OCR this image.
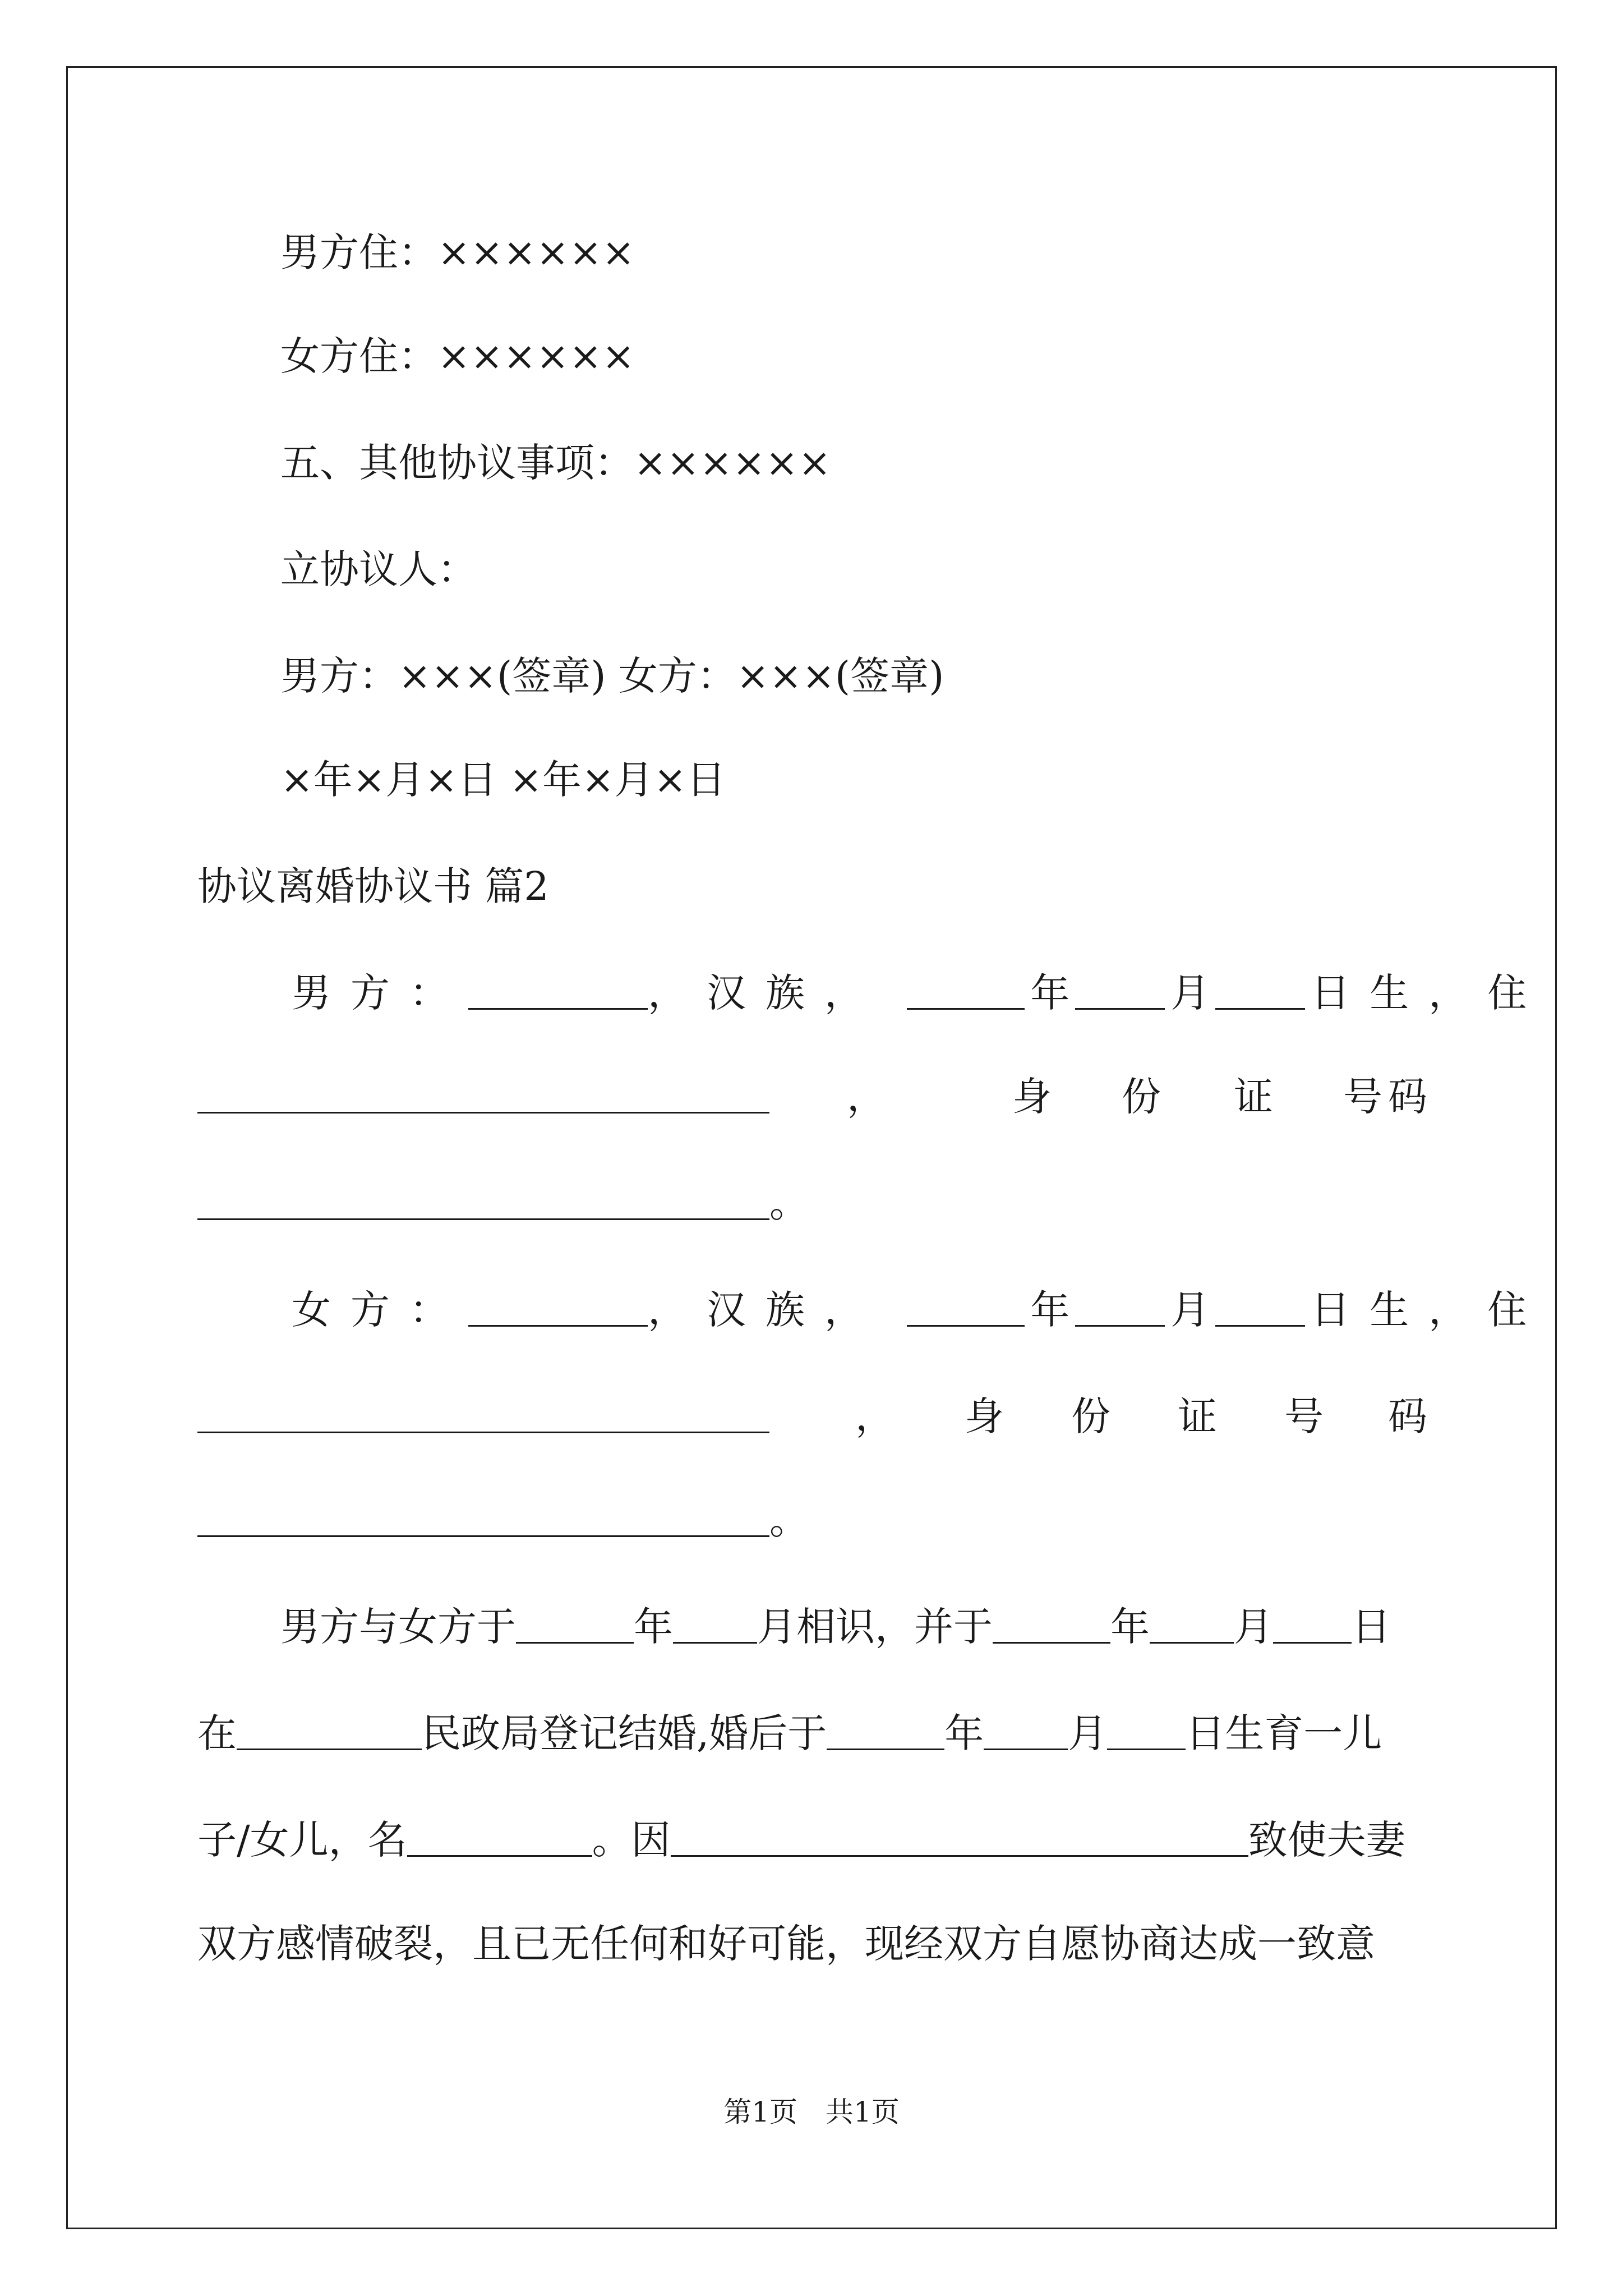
男方住：××××××
女方住：××××××
五、其他协议事项：××××××
立协议人：
男方：×××(签章) 女方：×××(签章)
×年×月×日 ×年×月×日
协议离婚协议书 篇2
男方：	，汉族，	年	月	日生，住
，	身 份 证 号 码
。
女方：	，汉族，	年	月	日生，住
， 身 份 证 号 码
。
男方与女方于	年 月相识，并于	年 月 日
在	民政局登记结婚,婚后于	年 月 日生育一儿
子/女儿，名	。因	致使夫妻
双方感情破裂，且已无任何和好可能，现经双方自愿协商达成一致意
第1页　共1页
